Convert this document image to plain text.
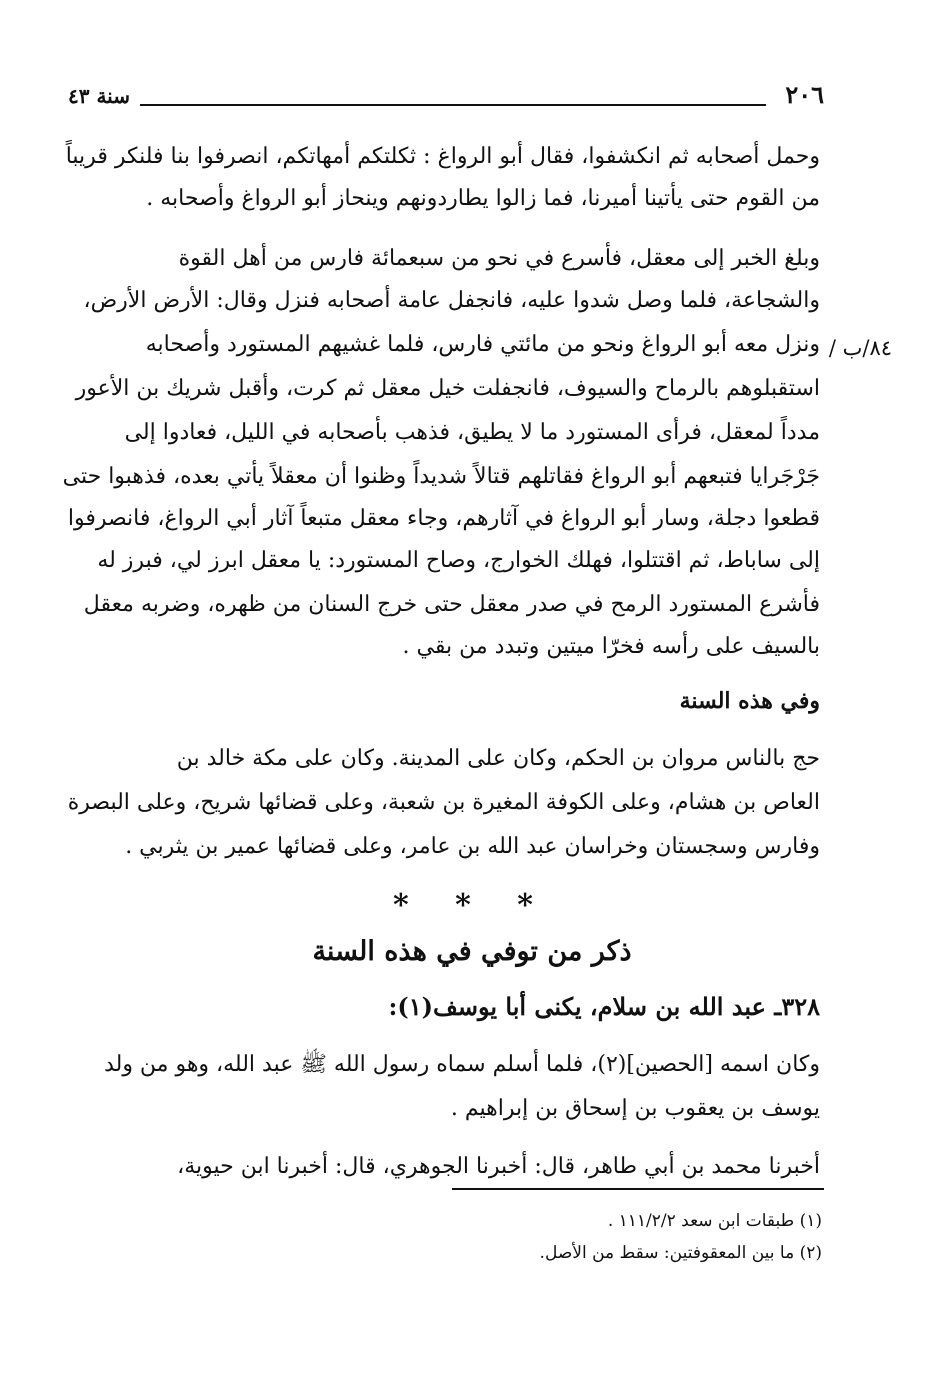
٢٠٦
سنة ٤٣
وحمل أصحابه ثم انكشفوا، فقال أبو الرواغ : ثكلتكم أمهاتكم، انصرفوا بنا فلنكر قريباً
من القوم حتى يأتينا أميرنا، فما زالوا يطاردونهم وينحاز أبو الرواغ وأصحابه .
وبلغ الخبر إلى معقل، فأسرع في نحو من سبعمائة فارس من أهل القوة
والشجاعة، فلما وصل شدوا عليه، فانجفل عامة أصحابه فنزل وقال: الأرض الأرض،
٨٤/ب /
ونزل معه أبو الرواغ ونحو من مائتي فارس، فلما غشيهم المستورد وأصحابه
استقبلوهم بالرماح والسيوف، فانجفلت خيل معقل ثم كرت، وأقبل شريك بن الأعور
مدداً لمعقل، فرأى المستورد ما لا يطيق، فذهب بأصحابه في الليل، فعادوا إلى
جَرْجَرايا فتبعهم أبو الرواغ فقاتلهم قتالاً شديداً وظنوا أن معقلاً يأتي بعده، فذهبوا حتى
قطعوا دجلة، وسار أبو الرواغ في آثارهم، وجاء معقل متبعاً آثار أبي الرواغ، فانصرفوا
إلى ساباط، ثم اقتتلوا، فهلك الخوارج، وصاح المستورد: يا معقل ابرز لي، فبرز له
فأشرع المستورد الرمح في صدر معقل حتى خرج السنان من ظهره، وضربه معقل
بالسيف على رأسه فخرّا ميتين وتبدد من بقي .
وفي هذه السنة
حج بالناس مروان بن الحكم، وكان على المدينة. وكان على مكة خالد بن
العاص بن هشام، وعلى الكوفة المغيرة بن شعبة، وعلى قضائها شريح، وعلى البصرة
وفارس وسجستان وخراسان عبد الله بن عامر، وعلى قضائها عمير بن يثربي .
* * *
ذكر من توفي في هذه السنة
٣٢٨ـ عبد الله بن سلام، يكنى أبا يوسف(١):
وكان اسمه [الحصين](٢)، فلما أسلم سماه رسول الله ﷺ عبد الله، وهو من ولد
يوسف بن يعقوب بن إسحاق بن إبراهيم .
أخبرنا محمد بن أبي طاهر، قال: أخبرنا الجوهري، قال: أخبرنا ابن حيوية،
(١) طبقات ابن سعد ١١١/٢/٢ .
(٢) ما بين المعقوفتين: سقط من الأصل.
